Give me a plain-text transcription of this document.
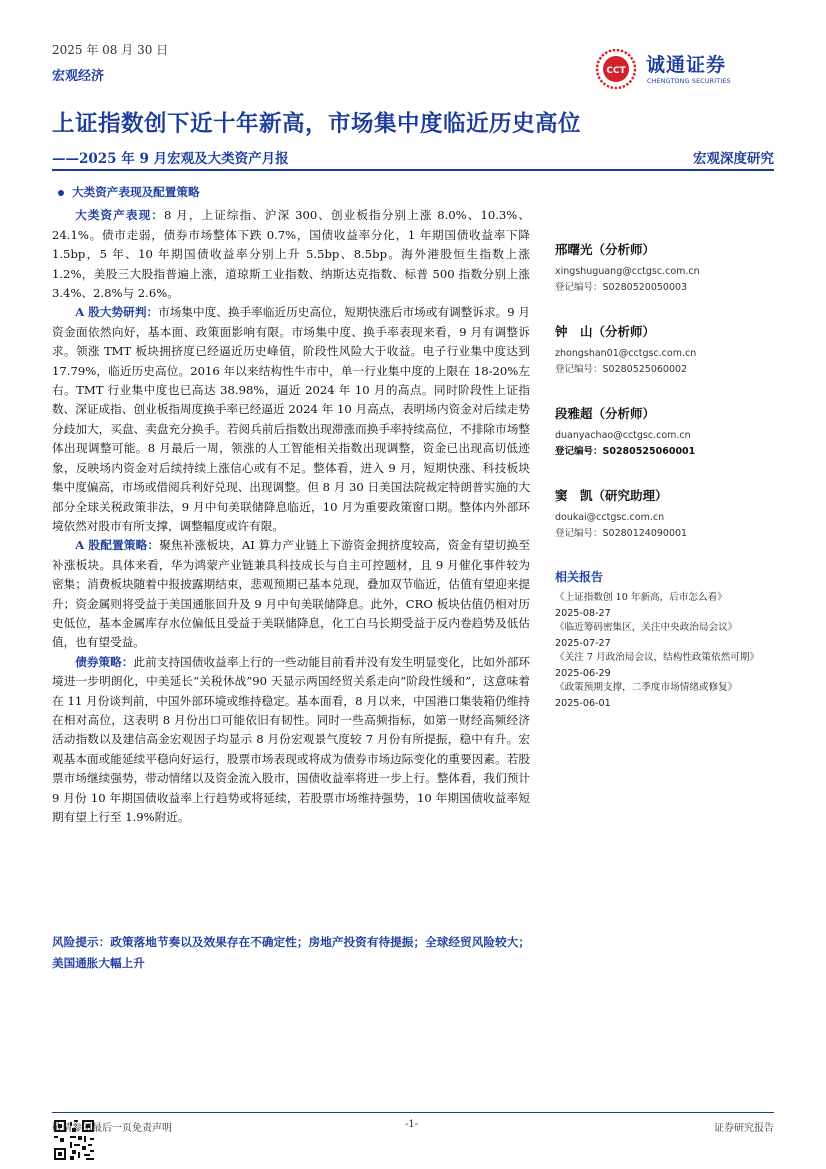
2025 年 08 月 30 日
宏观经济	CCT 诚通证券
CHENGTONG SECURITIES
上证指数创下近十年新高，市场集中度临近历史高位
——2025 年 9 月宏观及大类资产月报	宏观深度研究
大类资产表现及配置策略

大类资产表现：8 月，上证综指、沪深 300、创业板指分别上涨 8.0%、10.3%、24.1%。债市走弱，债券市场整体下跌 0.7%，国债收益率分化，1 年期国债收益率下降 1.5bp，5 年、10 年期国债收益率分别上升 5.5bp、8.5bp。海外港股恒生指数上涨 1.2%，美股三大股指普遍上涨，道琼斯工业指数、纳斯达克指数、标普 500 指数分别上涨 3.4%、2.8%与 2.6%。

A 股大势研判：市场集中度、换手率临近历史高位，短期快涨后市场或有调整诉求。9 月资金面依然向好，基本面、政策面影响有限。市场集中度、换手率表现来看，9 月有调整诉求。领涨 TMT 板块拥挤度已经逼近历史峰值，阶段性风险大于收益。电子行业集中度达到 17.79%，临近历史高位。2016 年以来结构性牛市中，单一行业集中度的上限在 18-20%左右。TMT 行业集中度也已高达 38.98%，逼近 2024 年 10 月的高点。同时阶段性上证指数、深证成指、创业板指周度换手率已经逼近 2024 年 10 月高点，表明场内资金对后续走势分歧加大，买盘、卖盘充分换手。若阅兵前后指数出现滞涨而换手率持续高位，不排除市场整体出现调整可能。8 月最后一周，领涨的人工智能相关指数出现调整，资金已出现高切低迹象，反映场内资金对后续持续上涨信心或有不足。整体看，进入 9 月，短期快涨、科技板块集中度偏高，市场或借阅兵利好兑现、出现调整。但 8 月 30 日美国法院裁定特朗普实施的大部分全球关税政策非法，9 月中旬美联储降息临近，10 月为重要政策窗口期。整体内外部环境依然对股市有所支撑，调整幅度或许有限。

A 股配置策略：聚焦补涨板块，AI 算力产业链上下游资金拥挤度较高，资金有望切换至补涨板块。具体来看，华为鸿蒙产业链兼具科技成长与自主可控题材，且 9 月催化事件较为密集；消费板块随着中报披露期结束，悲观预期已基本兑现，叠加双节临近，估值有望迎来提升；资金属则将受益于美国通胀回升及 9 月中旬美联储降息。此外，CRO 板块估值仍相对历史低位，基本金属库存水位偏低且受益于美联储降息，化工白马长期受益于反内卷趋势及低估值，也有望受益。

债券策略：此前支持国债收益率上行的一些动能目前看并没有发生明显变化，比如外部环境进一步明朗化，中美延长“关税休战”90 天显示两国经贸关系走向“阶段性缓和”，这意味着在 11 月份谈判前，中国外部环境或维持稳定。基本面看，8 月以来，中国港口集装箱仍维持在相对高位，这表明 8 月份出口可能依旧有韧性。同时一些高频指标，如第一财经高频经济活动指数以及建信高金宏观因子均显示 8 月份宏观景气度较 7 月份有所提振，稳中有升。宏观基本面或能延续平稳向好运行，股票市场表现或将成为债券市场边际变化的重要因素。若股票市场继续强势，带动情绪以及资金流入股市，国债收益率将进一步上行。整体看，我们预计 9 月份 10 年期国债收益率上行趋势或将延续，若股票市场维持强势，10 年期国债收益率短期有望上行至 1.9%附近。

风险提示：政策落地节奏以及效果存在不确定性；房地产投资有待提振；全球经贸风险较大；美国通胀大幅上升
邢曙光（分析师）
xingshuguang@cctgsc.com.cn
登记编号：S0280520050003
钟　山（分析师）
zhongshan01@cctgsc.com.cn
登记编号：S0280525060002
段雅超（分析师）
duanyachao@cctgsc.com.cn
登记编号：S0280525060001
窦　凯（研究助理）
doukai@cctgsc.com.cn
登记编号：S0280124090001
相关报告
《上证指数创 10 年新高，后市怎么看》
2025-08-27
《临近筹码密集区，关注中央政治局会议》
2025-07-27
《关注 7 月政治局会议，结构性政策依然可期》
2025-06-29
《政策预期支撑，二季度市场情绪或修复》
2025-06-01
敬请参阅最后一页免责声明	-1-	证券研究报告
